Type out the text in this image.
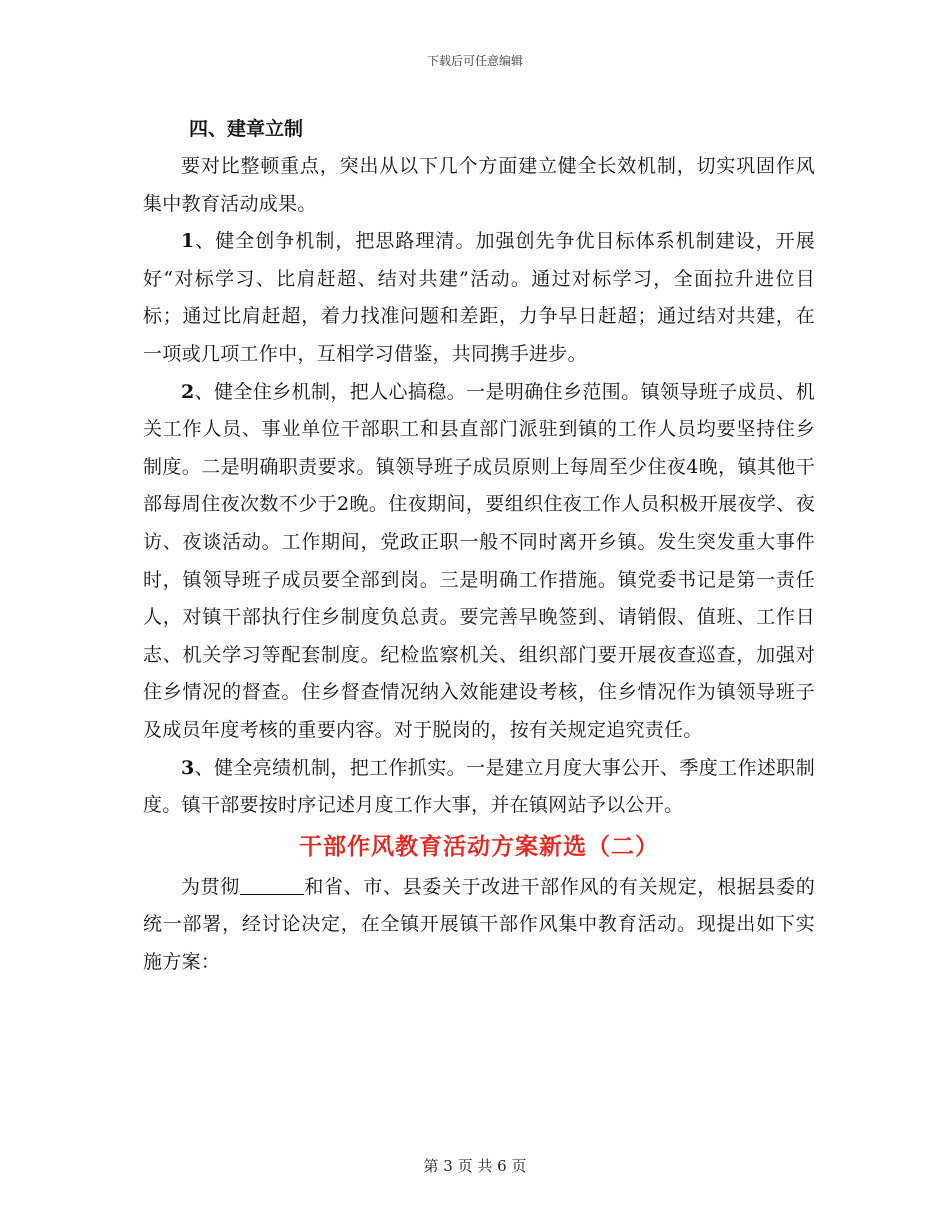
下载后可任意编辑

四、建章立制

要对比整顿重点，突出从以下几个方面建立健全长效机制，切实巩固作风集中教育活动成果。

1、健全创争机制，把思路理清。加强创先争优目标体系机制建设，开展好“对标学习、比肩赶超、结对共建”活动。通过对标学习，全面拉升进位目标；通过比肩赶超，着力找准问题和差距，力争早日赶超；通过结对共建，在一项或几项工作中，互相学习借鉴，共同携手进步。

2、健全住乡机制，把人心搞稳。一是明确住乡范围。镇领导班子成员、机关工作人员、事业单位干部职工和县直部门派驻到镇的工作人员均要坚持住乡制度。二是明确职责要求。镇领导班子成员原则上每周至少住夜4晚，镇其他干部每周住夜次数不少于2晚。住夜期间，要组织住夜工作人员积极开展夜学、夜访、夜谈活动。工作期间，党政正职一般不同时离开乡镇。发生突发重大事件时，镇领导班子成员要全部到岗。三是明确工作措施。镇党委书记是第一责任人，对镇干部执行住乡制度负总责。要完善早晚签到、请销假、值班、工作日志、机关学习等配套制度。纪检监察机关、组织部门要开展夜查巡查，加强对住乡情况的督查。住乡督查情况纳入效能建设考核，住乡情况作为镇领导班子及成员年度考核的重要内容。对于脱岗的，按有关规定追究责任。

3、健全亮绩机制，把工作抓实。一是建立月度大事公开、季度工作述职制度。镇干部要按时序记述月度工作大事，并在镇网站予以公开。

干部作风教育活动方案新选（二）

为贯彻	和省、市、县委关于改进干部作风的有关规定，根据县委的统一部署，经讨论决定，在全镇开展镇干部作风集中教育活动。现提出如下实施方案：

第 3 页 共 6 页
